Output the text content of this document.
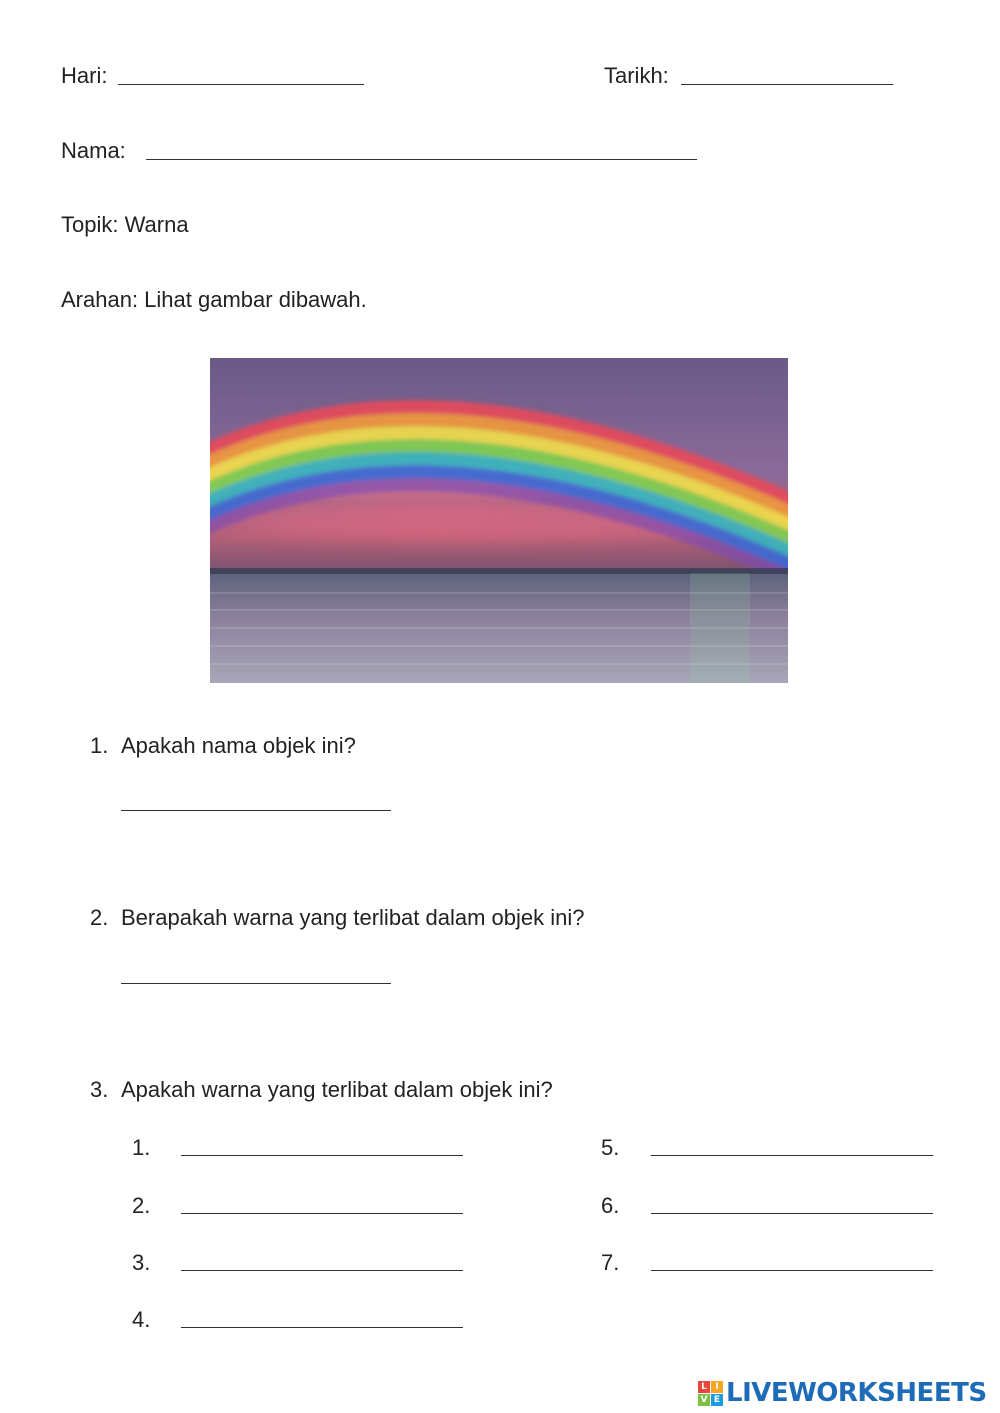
Hari:	Tarikh:
Nama:
Topik: Warna
Arahan: Lihat gambar dibawah.
1. Apakah nama objek ini?
2. Berapakah warna yang terlibat dalam objek ini?
3. Apakah warna yang terlibat dalam objek ini?
1.
2.
3.
4.
5.
6.
7.
L I
V E LIVEWORKSHEETS
